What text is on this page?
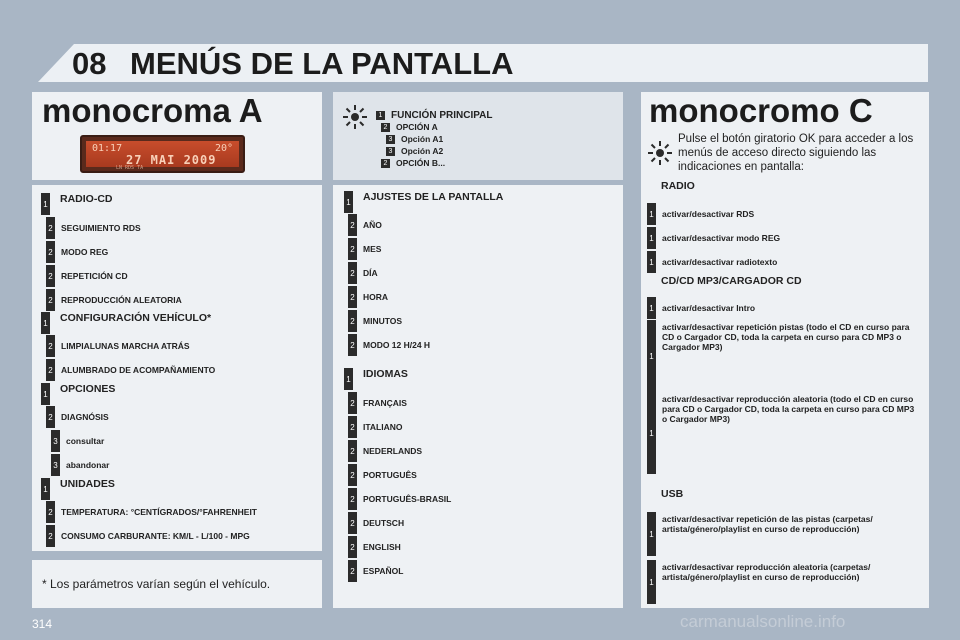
08 MENÚS DE LA PANTALLA
monocroma A
01:17	20°
27 MAI 2009
LN RDS TA
* Los parámetros varían según el vehículo.
monocromo C
Pulse el botón giratorio OK para acceder a los menús de acceso directo siguiendo las indicaciones en pantalla:
314	carmanualsonline.info
1 RADIO-CD
2 SEGUIMIENTO RDS
2 MODO REG
2 REPETICIÓN CD
2 REPRODUCCIÓN ALEATORIA
1 CONFIGURACIÓN VEHÍCULO*
2 LIMPIALUNAS MARCHA ATRÁS
2 ALUMBRADO DE ACOMPAÑAMIENTO
1 OPCIONES
2 DIAGNÓSIS
3 consultar
3 abandonar
1 UNIDADES
2 TEMPERATURA: °CENTÍGRADOS/°FAHRENHEIT
2 CONSUMO CARBURANTE: KM/L - L/100 - MPG
1 AJUSTES DE LA PANTALLA
2 AÑO
2 MES
2 DÍA
2 HORA
2 MINUTOS
2 MODO 12 H/24 H
1 IDIOMAS
2 FRANÇAIS
2 ITALIANO
2 NEDERLANDS
2 PORTUGUÊS
2 PORTUGUÊS-BRASIL
2 DEUTSCH
2 ENGLISH
2 ESPAÑOL
1 FUNCIÓN PRINCIPAL
2 OPCIÓN A
3 Opción A1
3 Opción A2
2 OPCIÓN B...
RADIO
CD/CD MP3/CARGADOR CD
USB
1 activar/desactivar RDS
1 activar/desactivar modo REG
1 activar/desactivar radiotexto
1 activar/desactivar Intro
1
activar/desactivar repetición pistas (todo el CD en curso para CD o Cargador CD, toda la carpeta en curso para CD MP3 o Cargador MP3)
1
activar/desactivar reproducción aleatoria (todo el CD en curso para CD o Cargador CD, toda la carpeta en curso para CD MP3 o Cargador MP3)
1
activar/desactivar repetición de las pistas (carpetas/ artista/género/playlist en curso de reproducción)
1
activar/desactivar reproducción aleatoria (carpetas/ artista/género/playlist en curso de reproducción)
